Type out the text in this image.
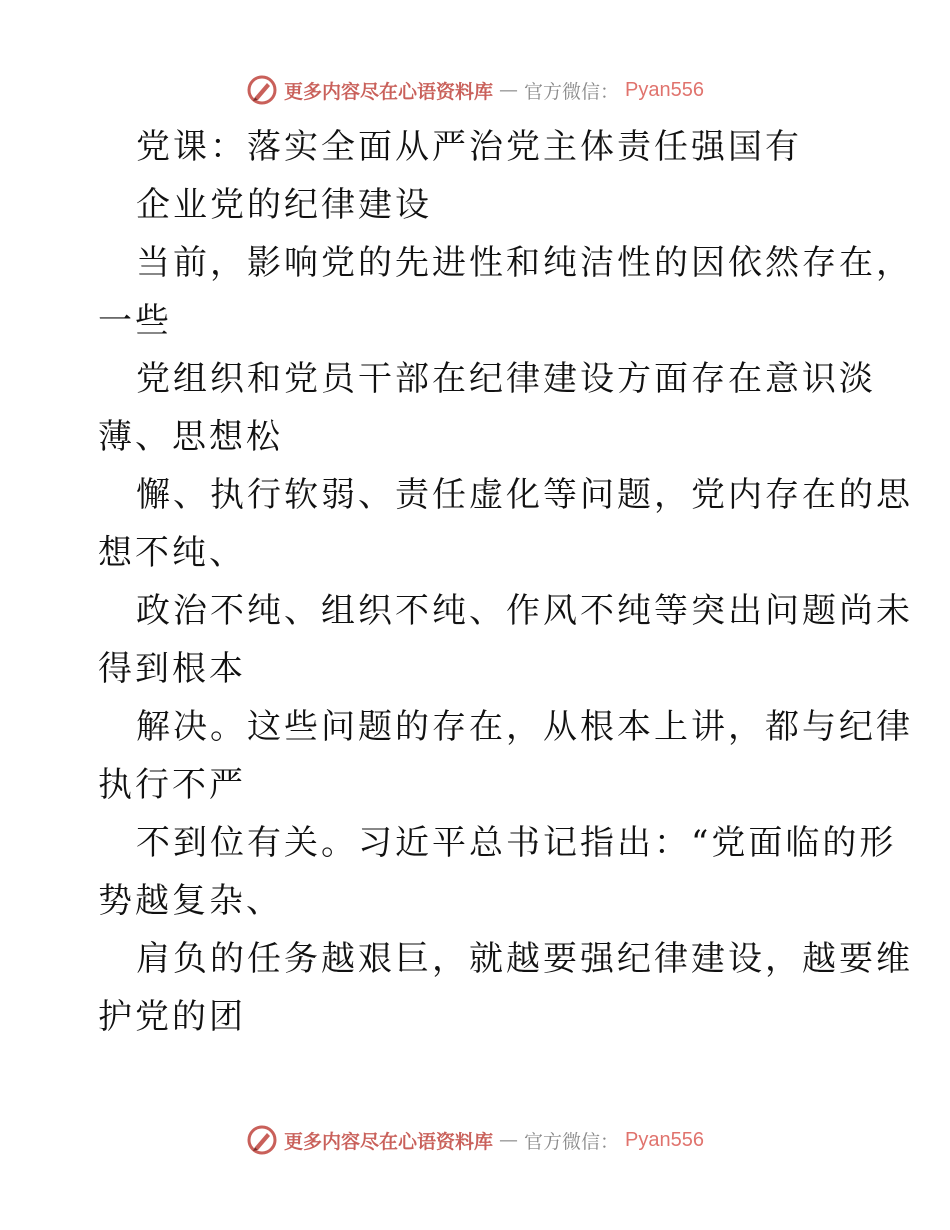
更多内容尽在心语资料库 — 官方微信： Pyan556
党课：落实全面从严治党主体责任强国有
企业党的纪律建设
当前，影响党的先进性和纯洁性的因依然存在，
一些
党组织和党员干部在纪律建设方面存在意识淡
薄、思想松
懈、执行软弱、责任虚化等问题，党内存在的思
想不纯、
政治不纯、组织不纯、作风不纯等突出问题尚未
得到根本
解决。这些问题的存在，从根本上讲，都与纪律
执行不严
不到位有关。习近平总书记指出：“党面临的形
势越复杂、
肩负的任务越艰巨，就越要强纪律建设，越要维
护党的团
更多内容尽在心语资料库 — 官方微信： Pyan556
